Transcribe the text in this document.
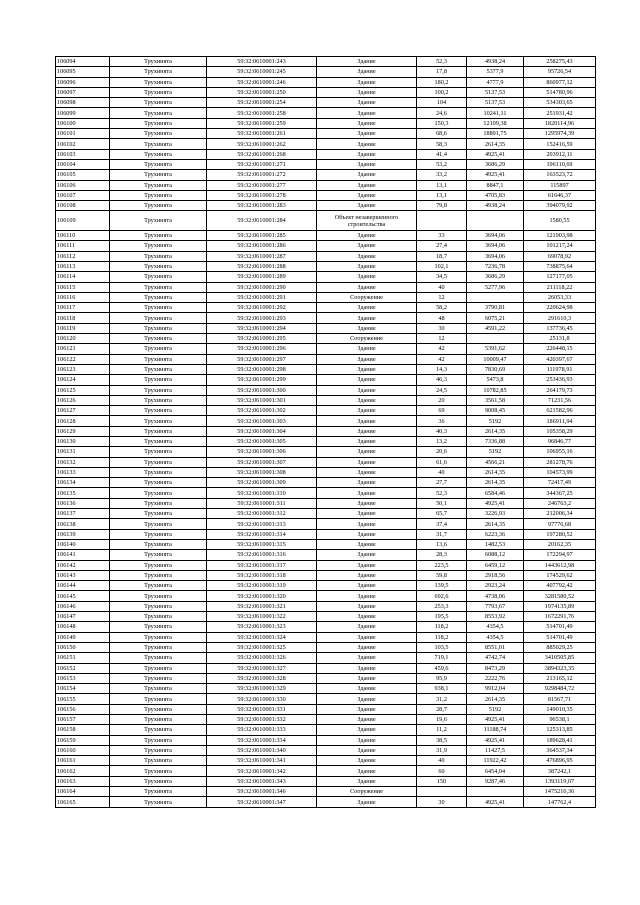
106094	Трухинята	59:32:0610001:243	Здание	52,3	4938,24	258275,43
106095	Трухинята	59:32:0610001:245	Здание	17,8	5377,9	95726,54
106096	Трухинята	59:32:0610001:246	Здание	180,2	4777,9	860977,12
106097	Трухинята	59:32:0610001:250	Здание	100,2	5137,53	514780,96
106098	Трухинята	59:32:0610001:254	Здание	104	5137,53	534303,65
106099	Трухинята	59:32:0610001:258	Здание	24,6	10241,11	251931,42
106100	Трухинята	59:32:0610001:259	Здание	150,3	12109,38	1820114,96
106101	Трухинята	59:32:0610001:261	Здание	68,6	18891,75	1295974,39
106102	Трухинята	59:32:0610001:262	Здание	58,3	2614,35	152416,59
106103	Трухинята	59:32:0610001:268	Здание	41,4	4925,41	203912,11
106104	Трухинята	59:32:0610001:271	Здание	53,2	3686,29	196110,69
106105	Трухинята	59:32:0610001:272	Здание	33,2	4925,41	163523,72
106106	Трухинята	59:32:0610001:277	Здание	13,1	8847,1	115897
106107	Трухинята	59:32:0610001:278	Здание	13,1	4705,83	61646,37
106108	Трухинята	59:32:0610001:283	Здание	79,8	4938,24	394079,92
106109	Трухинята	59:32:0610001:284	Объект незавершенного строительства			1580,55
106110	Трухинята	59:32:0610001:285	Здание	33	3694,06	121903,98
106111	Трухинята	59:32:0610001:286	Здание	27,4	3694,06	101217,24
106112	Трухинята	59:32:0610001:287	Здание	18,7	3694,06	69078,92
106113	Трухинята	59:32:0610001:288	Здание	102,1	7236,78	738875,64
106114	Трухинята	59:32:0610001:289	Здание	34,5	3686,29	127177,05
106115	Трухинята	59:32:0610001:290	Здание	40	5277,96	211118,22
106116	Трухинята	59:32:0610001:291	Сооружение	12		26053,33
106117	Трухинята	59:32:0610001:292	Здание	58,2	3790,81	220624,98
106118	Трухинята	59:32:0610001:293	Здание	48	6075,21	291610,3
106119	Трухинята	59:32:0610001:294	Здание	30	4591,22	137736,45
106120	Трухинята	59:32:0610001:295	Сооружение	12		25131,8
106121	Трухинята	59:32:0610001:296	Здание	42	5391,62	226448,15
106122	Трухинята	59:32:0610001:297	Здание	42	10009,47	420397,67
106123	Трухинята	59:32:0610001:298	Здание	14,3	7830,69	111978,91
106124	Трухинята	59:32:0610001:299	Здание	46,3	5473,8	253436,93
106125	Трухинята	59:32:0610001:300	Здание	24,5	10782,85	264179,73
106126	Трухинята	59:32:0610001:301	Здание	20	3561,58	71231,56
106127	Трухинята	59:32:0610001:302	Здание	69	9008,45	621582,96
106128	Трухинята	59:32:0610001:303	Здание	36	5192	186911,94
106129	Трухинята	59:32:0610001:304	Здание	40,3	2614,35	105358,29
106130	Трухинята	59:32:0610001:305	Здание	13,2	7336,88	96846,77
106131	Трухинята	59:32:0610001:306	Здание	20,6	5192	106955,16
106132	Трухинята	59:32:0610001:307	Здание	61,6	4566,21	281278,76
106133	Трухинята	59:32:0610001:308	Здание	40	2614,35	104573,99
106134	Трухинята	59:32:0610001:309	Здание	27,7	2614,35	72417,49
106135	Трухинята	59:32:0610001:310	Здание	52,3	6584,46	344367,25
106136	Трухинята	59:32:0610001:311	Здание	50,1	4925,41	246763,2
106137	Трухинята	59:32:0610001:312	Здание	65,7	3226,93	212006,34
106138	Трухинята	59:32:0610001:313	Здание	37,4	2614,35	97776,68
106139	Трухинята	59:32:0610001:314	Здание	31,7	6223,36	197280,52
106140	Трухинята	59:32:0610001:315	Здание	13,6	1482,53	20162,35
106141	Трухинята	59:32:0610001:316	Здание	28,3	6088,12	172294,97
106142	Трухинята	59:32:0610001:317	Здание	223,5	6459,12	1443612,98
106143	Трухинята	59:32:0610001:318	Здание	59,8	2918,56	174529,62
106144	Трухинята	59:32:0610001:319	Здание	139,5	2923,24	407792,42
106145	Трухинята	59:32:0610001:320	Здание	692,6	4738,06	3281580,52
106146	Трухинята	59:32:0610001:321	Здание	253,3	7793,67	1974135,89
106147	Трухинята	59:32:0610001:322	Здание	195,5	8553,92	1672291,76
106148	Трухинята	59:32:0610001:323	Здание	118,2	4354,5	514701,49
106149	Трухинята	59:32:0610001:324	Здание	118,2	4354,5	514701,49
106150	Трухинята	59:32:0610001:325	Здание	103,5	8551,01	885029,25
106151	Трухинята	59:32:0610001:326	Здание	719,1	4742,74	3410505,85
106152	Трухинята	59:32:0610001:327	Здание	459,6	8473,29	3894323,35
106153	Трухинята	59:32:0610001:328	Здание	95,9	2222,76	213165,12
106154	Трухинята	59:32:0610001:329	Здание	938,1	9912,04	9298484,72
106155	Трухинята	59:32:0610001:330	Здание	31,2	2614,35	81567,71
106156	Трухинята	59:32:0610001:331	Здание	28,7	5192	149010,35
106157	Трухинята	59:32:0610001:332	Здание	19,6	4925,41	96538,1
106158	Трухинята	59:32:0610001:333	Здание	11,2	11188,74	125313,85
106159	Трухинята	59:32:0610001:334	Здание	38,5	4925,41	189628,41
106160	Трухинята	59:32:0610001:340	Здание	31,9	11427,5	364537,34
106161	Трухинята	59:32:0610001:341	Здание	40	11922,42	476896,95
106162	Трухинята	59:32:0610001:342	Здание	60	6454,04	387242,1
106163	Трухинята	59:32:0610001:343	Здание	150	9287,46	1393119,07
106164	Трухинята	59:32:0610001:346	Сооружение			1475210,36
106165	Трухинята	59:32:0610001:347	Здание	30	4925,41	147762,4
